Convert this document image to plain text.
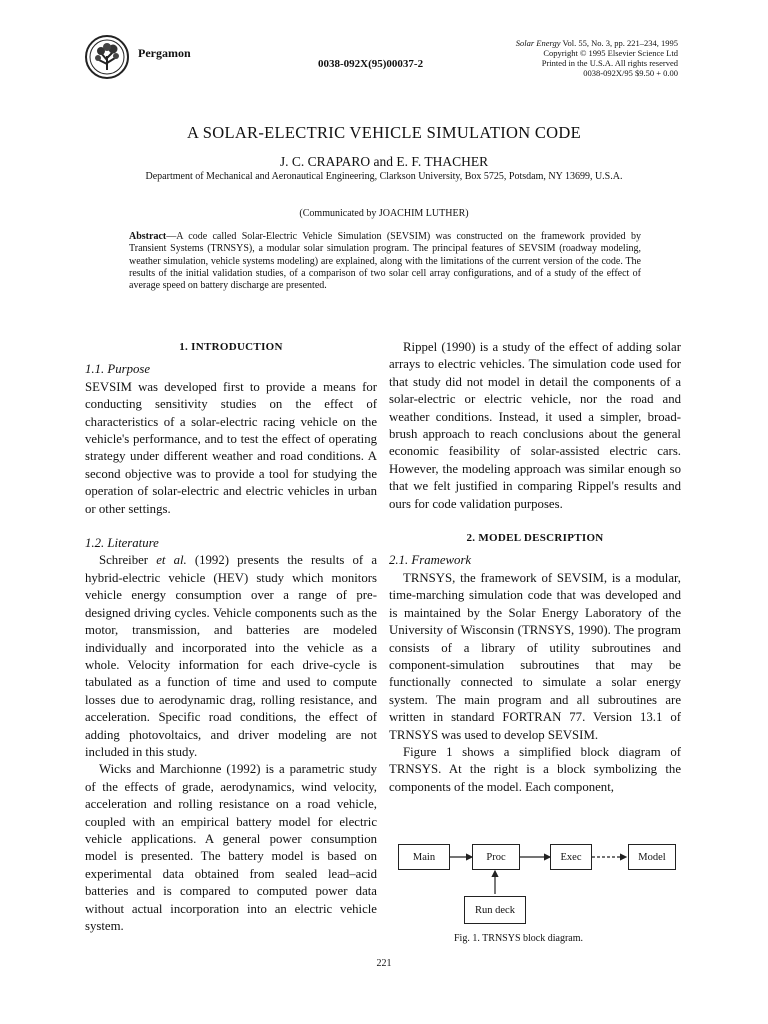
Pergamon
0038-092X(95)00037-2
Solar Energy Vol. 55, No. 3, pp. 221–234, 1995
Copyright © 1995 Elsevier Science Ltd
Printed in the U.S.A. All rights reserved
0038-092X/95 $9.50 + 0.00
A SOLAR-ELECTRIC VEHICLE SIMULATION CODE
J. C. CRAPARO and E. F. THACHER
Department of Mechanical and Aeronautical Engineering, Clarkson University, Box 5725, Potsdam, NY 13699, U.S.A.
(Communicated by JOACHIM LUTHER)
Abstract—A code called Solar-Electric Vehicle Simulation (SEVSIM) was constructed on the framework provided by Transient Systems (TRNSYS), a modular solar simulation program. The principal features of SEVSIM (roadway modeling, weather simulation, vehicle systems modeling) are explained, along with the limitations of the current version of the code. The results of the initial validation studies, of a comparison of two solar cell array configurations, and of a study of the effect of average speed on battery discharge are presented.
1. INTRODUCTION
1.1. Purpose

SEVSIM was developed first to provide a means for conducting sensitivity studies on the effect of characteristics of a solar-electric racing vehicle on the vehicle's performance, and to test the effect of operating strategy under different weather and road conditions. A second objective was to provide a tool for studying the operation of solar-electric and electric vehicles in urban or other settings.

1.2. Literature

Schreiber et al. (1992) presents the results of a hybrid-electric vehicle (HEV) study which monitors vehicle energy consumption over a range of pre-designed driving cycles. Vehicle components such as the motor, transmission, and batteries are modeled individually and incorporated into the vehicle as a whole. Velocity information for each drive-cycle is tabulated as a function of time and used to compute losses due to aerodynamic drag, rolling resistance, and acceleration. Specific road conditions, the effect of adding photovoltaics, and driver modeling are not included in this study.

Wicks and Marchionne (1992) is a parametric study of the effects of grade, aerodynamics, wind velocity, acceleration and rolling resistance on a road vehicle, coupled with an empirical battery model for electric vehicle applications. A general power consumption model is presented. The battery model is based on experimental data obtained from sealed lead–acid batteries and is compared to computed power data without actual incorporation into an electric vehicle system.

Rippel (1990) is a study of the effect of adding solar arrays to electric vehicles. The simulation code used for that study did not model in detail the components of a solar-electric or electric vehicle, nor the road and weather conditions. Instead, it used a simpler, broad-brush approach to reach conclusions about the general economic feasibility of solar-assisted electric cars. However, the modeling approach was similar enough so that we felt justified in comparing Rippel's results and ours for code validation purposes.

2. MODEL DESCRIPTION
2.1. Framework

TRNSYS, the framework of SEVSIM, is a modular, time-marching simulation code that was developed and is maintained by the Solar Energy Laboratory of the University of Wisconsin (TRNSYS, 1990). The program consists of a library of utility subroutines and component-simulation subroutines that may be functionally connected to simulate a solar energy system. The main program and all subroutines are written in standard FORTRAN 77. Version 13.1 of TRNSYS was used to develop SEVSIM.

Figure 1 shows a simplified block diagram of TRNSYS. At the right is a block symbolizing the components of the model. Each component,

Main	Proc	Exec	Model
Run deck
Fig. 1. TRNSYS block diagram.
221
